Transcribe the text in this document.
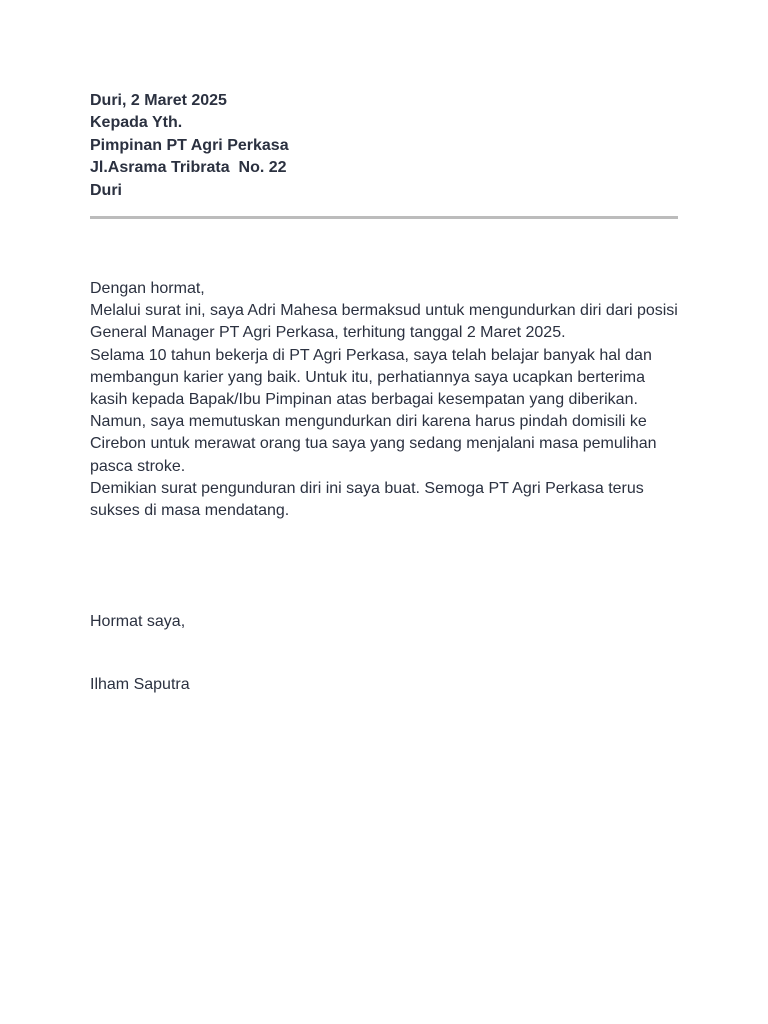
Duri, 2 Maret 2025
Kepada Yth.
Pimpinan PT Agri Perkasa
Jl.Asrama Tribrata  No. 22
Duri

Dengan hormat,

Melalui surat ini, saya Adri Mahesa bermaksud untuk mengundurkan diri dari posisi General Manager PT Agri Perkasa, terhitung tanggal 2 Maret 2025.

Selama 10 tahun bekerja di PT Agri Perkasa, saya telah belajar banyak hal dan membangun karier yang baik. Untuk itu, perhatiannya saya ucapkan berterima kasih kepada Bapak/Ibu Pimpinan atas berbagai kesempatan yang diberikan.

Namun, saya memutuskan mengundurkan diri karena harus pindah domisili ke Cirebon untuk merawat orang tua saya yang sedang menjalani masa pemulihan pasca stroke.

Demikian surat pengunduran diri ini saya buat. Semoga PT Agri Perkasa terus sukses di masa mendatang.

Hormat saya,
Ilham Saputra
